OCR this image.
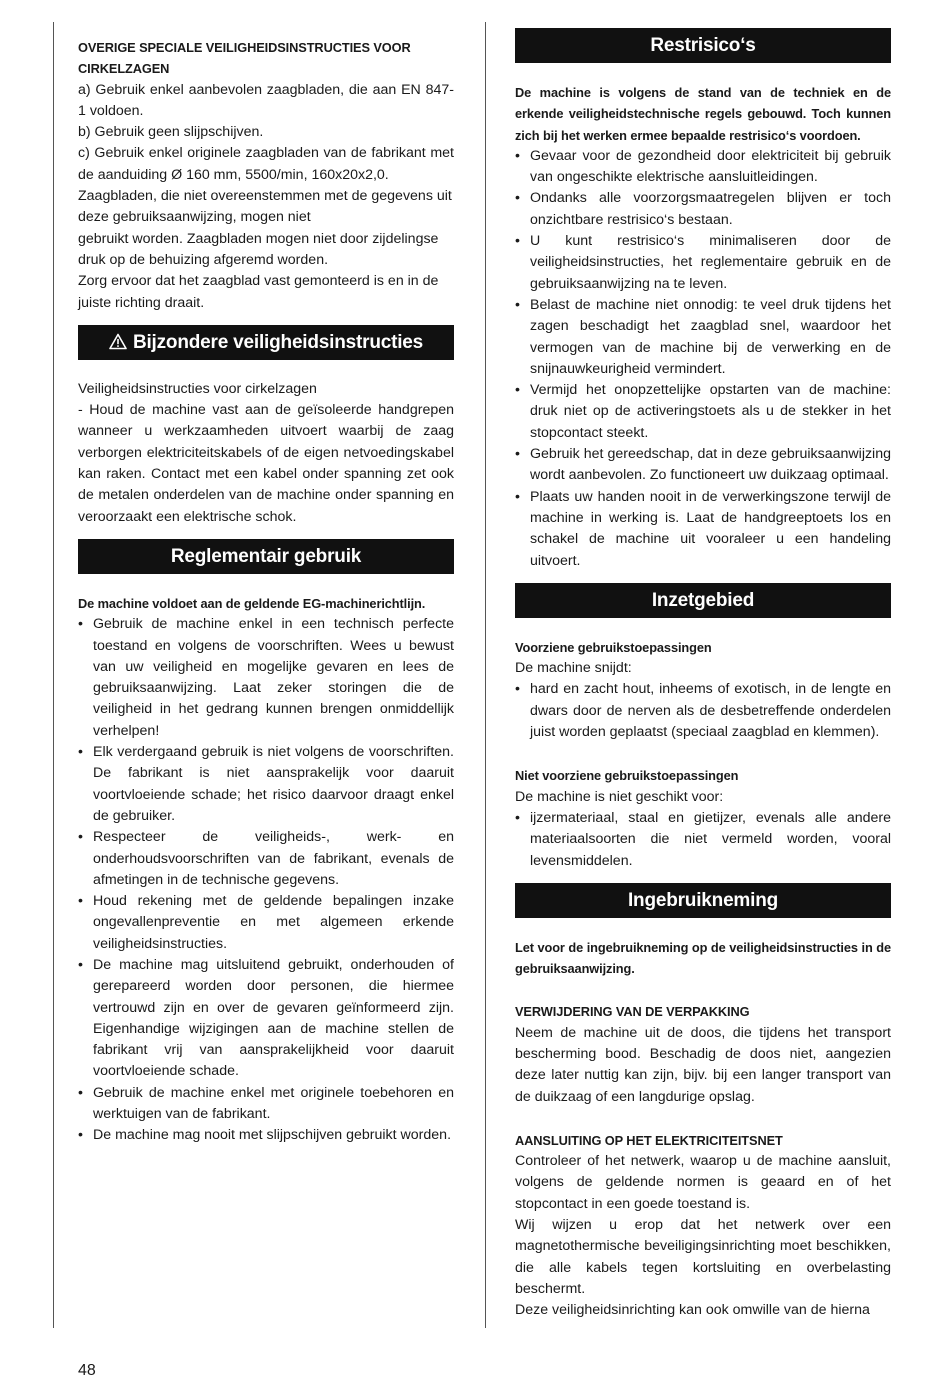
OVERIGE SPECIALE VEILIGHEIDSINSTRUCTIES VOOR CIRKELZAGEN

a) Gebruik enkel aanbevolen zaagbladen, die aan EN 847-1 voldoen.

b) Gebruik geen slijpschijven.

c) Gebruik enkel originele zaagbladen van de fabrikant met de aanduiding Ø 160 mm, 5500/min, 160x20x2,0.

Zaagbladen, die niet overeenstemmen met de gegevens uit deze gebruiksaanwijzing, mogen niet

gebruikt worden. Zaagbladen mogen niet door zijdelingse druk op de behuizing afgeremd worden.

Zorg ervoor dat het zaagblad vast gemonteerd is en in de juiste richting draait.

Bijzondere veiligheidsinstructies

Veiligheidsinstructies voor cirkelzagen

- Houd de machine vast aan de geïsoleerde handgrepen wanneer u werkzaamheden uitvoert waarbij de zaag verborgen elektriciteitskabels of de eigen netvoedingskabel kan raken. Contact met een kabel onder spanning zet ook de metalen onderdelen van de machine onder spanning en veroorzaakt een elektrische schok.

Reglementair gebruik

De machine voldoet aan de geldende EG-machinerichtlijn.

• Gebruik de machine enkel in een technisch perfecte toestand en volgens de voorschriften. Wees u bewust van uw veiligheid en mogelijke gevaren en lees de gebruiksaanwijzing. Laat zeker storingen die de veiligheid in het gedrang kunnen brengen onmiddellijk verhelpen!
• Elk verdergaand gebruik is niet volgens de voorschriften. De fabrikant is niet aansprakelijk voor daaruit voortvloeiende schade; het risico daarvoor draagt enkel de gebruiker.
• Respecteer de veiligheids-, werk- en onderhoudsvoorschriften van de fabrikant, evenals de afmetingen in de technische gegevens.
• Houd rekening met de geldende bepalingen inzake ongevallenpreventie en met algemeen erkende veiligheidsinstructies.
• De machine mag uitsluitend gebruikt, onderhouden of gerepareerd worden door personen, die hiermee vertrouwd zijn en over de gevaren geïnformeerd zijn. Eigenhandige wijzigingen aan de machine stellen de fabrikant vrij van aansprakelijkheid voor daaruit voortvloeiende schade.
• Gebruik de machine enkel met originele toebehoren en werktuigen van de fabrikant.
• De machine mag nooit met slijpschijven gebruikt worden.
Restrisico‘s

De machine is volgens de stand van de techniek en de erkende veiligheidstechnische regels gebouwd. Toch kunnen zich bij het werken ermee bepaalde restrisico‘s voordoen.

• Gevaar voor de gezondheid door elektriciteit bij gebruik van ongeschikte elektrische aansluitleidingen.
• Ondanks alle voorzorgsmaatregelen blijven er toch onzichtbare restrisico‘s bestaan.
• U kunt restrisico‘s minimaliseren door de veiligheidsinstructies, het reglementaire gebruik en de gebruiksaanwijzing na te leven.
• Belast de machine niet onnodig: te veel druk tijdens het zagen beschadigt het zaagblad snel, waardoor het vermogen van de machine bij de verwerking en de snijnauwkeurigheid vermindert.
• Vermijd het onopzettelijke opstarten van de machine: druk niet op de activeringstoets als u de stekker in het stopcontact steekt.
• Gebruik het gereedschap, dat in deze gebruiksaanwijzing wordt aanbevolen. Zo functioneert uw duikzaag optimaal.
• Plaats uw handen nooit in de verwerkingszone terwijl de machine in werking is. Laat de handgreeptoets los en schakel de machine uit vooraleer u een handeling uitvoert.
Inzetgebied

Voorziene gebruikstoepassingen

De machine snijdt:

• hard en zacht hout, inheems of exotisch, in de lengte en dwars door de nerven als de desbetreffende onderdelen juist worden geplaatst (speciaal zaagblad en klemmen).

Niet voorziene gebruikstoepassingen

De machine is niet geschikt voor:

• ijzermateriaal, staal en gietijzer, evenals alle andere materiaalsoorten die niet vermeld worden, vooral levensmiddelen.
Ingebruikneming

Let voor de ingebruikneming op de veiligheidsinstructies in de gebruiksaanwijzing.

VERWIJDERING VAN DE VERPAKKING

Neem de machine uit de doos, die tijdens het transport bescherming bood. Beschadig de doos niet, aangezien deze later nuttig kan zijn, bijv. bij een langer transport van de duikzaag of een langdurige opslag.

AANSLUITING OP HET ELEKTRICITEITSNET

Controleer of het netwerk, waarop u de machine aansluit, volgens de geldende normen is geaard en of het stopcontact in een goede toestand is.

Wij wijzen u erop dat het netwerk over een magnetothermische beveiligingsinrichting moet beschikken, die alle kabels tegen kortsluiting en overbelasting beschermt.

Deze veiligheidsinrichting kan ook omwille van de hierna

48
